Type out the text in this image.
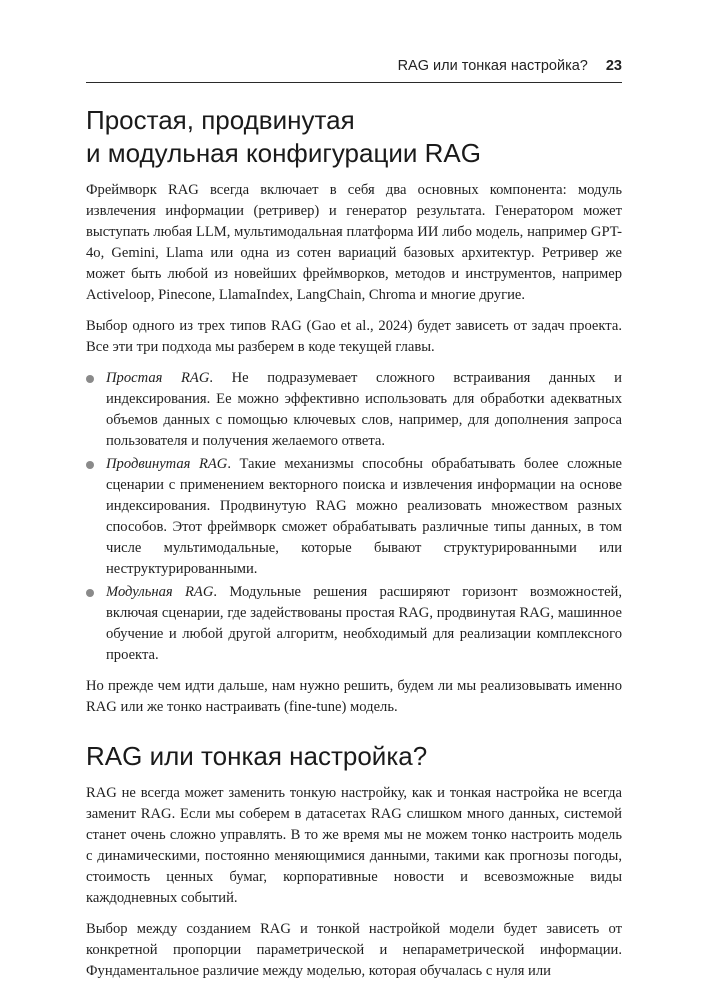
RAG или тонкая настройка? 23
Простая, продвинутая
и модульная конфигурации RAG

Фреймворк RAG всегда включает в себя два основных компонента: модуль извлечения информации (ретривер) и генератор результата. Генератором может выступать любая LLM, мультимодальная платформа ИИ либо модель, например GPT-4o, Gemini, Llama или одна из сотен вариаций базовых архитектур. Ретривер же может быть любой из новейших фреймворков, методов и инструментов, например Activeloop, Pinecone, LlamaIndex, LangChain, Chroma и многие другие.

Выбор одного из трех типов RAG (Gao et al., 2024) будет зависеть от задач проекта. Все эти три подхода мы разберем в коде текущей главы.

Простая RAG. Не подразумевает сложного встраивания данных и индексирования. Ее можно эффективно использовать для обработки адекватных объемов данных с помощью ключевых слов, например, для дополнения запроса пользователя и получения желаемого ответа.
Продвинутая RAG. Такие механизмы способны обрабатывать более сложные сценарии с применением векторного поиска и извлечения информации на основе индексирования. Продвинутую RAG можно реализовать множеством разных способов. Этот фреймворк сможет обрабатывать различные типы данных, в том числе мультимодальные, которые бывают структурированными или неструктурированными.
Модульная RAG. Модульные решения расширяют горизонт возможностей, включая сценарии, где задействованы простая RAG, продвинутая RAG, машинное обучение и любой другой алгоритм, необходимый для реализации комплексного проекта.

Но прежде чем идти дальше, нам нужно решить, будем ли мы реализовывать именно RAG или же тонко настраивать (fine-tune) модель.

RAG или тонкая настройка?

RAG не всегда может заменить тонкую настройку, как и тонкая настройка не всегда заменит RAG. Если мы соберем в датасетах RAG слишком много данных, системой станет очень сложно управлять. В то же время мы не можем тонко настроить модель с динамическими, постоянно меняющимися данными, такими как прогнозы погоды, стоимость ценных бумаг, корпоративные новости и всевозможные виды каждодневных событий.

Выбор между созданием RAG и тонкой настройкой модели будет зависеть от конкретной пропорции параметрической и непараметрической информации. Фундаментальное различие между моделью, которая обучалась с нуля или
